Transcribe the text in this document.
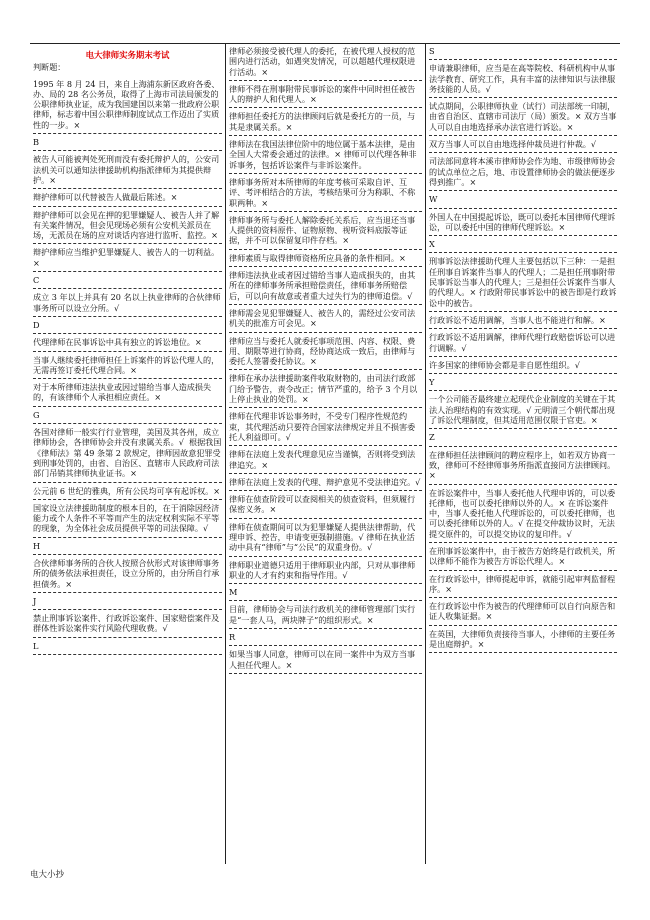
电大律师实务期末考试
判断题：
1995 年 8 月 24 日，来自上海浦东新区政府各委、办、局的 28 名公务员，取得了上海市司法局颁发的公职律师执业证，成为我国建国以来第一批政府公职律师，标志着中国公职律师制度试点工作迈出了实质性的一步。×
B
被告人可能被判处死刑而没有委托辩护人的，公安司法机关可以通知法律援助机构指派律师为其提供辩护。×
辩护律师可以代替被告人做最后陈述。×
辩护律师可以会见在押的犯罪嫌疑人、被告人并了解有关案件情况，但会见现场必须有公安机关派员在场，无派员在场的应对谈话内容进行监听、监控。×
辩护律师应当维护犯罪嫌疑人、被告人的一切利益。×
C
成立 3 年以上并具有 20 名以上执业律师的合伙律师事务所可以设立分所。√
D
代理律师在民事诉讼中具有独立的诉讼地位。×
当事人继续委托律师担任上诉案件的诉讼代理人的，无需再签订委托代理合同。×
对于本所律师违法执业或因过错给当事人造成损失的，有该律师个人承担相应责任。×
G
各国对律师一般实行行业管理，美国及其各州，成立律师协会，各律师协会并没有隶属关系。√  根据我国《律师法》第 49 条第 2 款规定，律师因故意犯罪受到刑事处罚的，由省、自治区、直辖市人民政府司法部门吊销其律师执业证书。×
公元前 6 世纪的雅典，所有公民均可享有起诉权。×
国家设立法律援助制度的根本目的，在于消除因经济能力或个人条件不平等而产生的法定权利实际不平等的现象，为全体社会成员提供平等的司法保障。√
H
合伙律师事务所的合伙人按照合伙形式对该律师事务所的债务依法承担责任，设立分所的，由分所自行承担债务。×
J
禁止刑事诉讼案件、行政诉讼案件、国家赔偿案件及群体性诉讼案件实行风险代理收费。√
L
律师必须接受被代理人的委托，在被代理人授权的范围内进行活动，如遇突发情况，可以超越代理权限进行活动。×
律师不得在刑事附带民事诉讼的案件中同时担任被告人的辩护人和代理人。×
律师担任委托方的法律顾问后就是委托方的一员，与其是隶属关系。×
律师法在我国法律位阶中的地位属于基本法律，是由全国人大常委会通过的法律。× 律师可以代理各种非诉事务，包括诉讼案件与非诉讼案件。
律师事务所对本所律师的年度考核可采取自评、互评、考评相结合的方法，考核结果可分为称职、不称职两种。×
律师事务所与委托人解除委托关系后，应当退还当事人提供的资料原件、证物原物、视听资料底版等证据，并不可以保留复印件存档。×
律师素质与取得律师资格所应具备的条件相同。×
律师违法执业或者因过错给当事人造成损失的，由其所在的律师事务所承担赔偿责任，律师事务所赔偿后，可以向有故意或者重大过失行为的律师追偿。√
律师需会见犯罪嫌疑人、被告人的，需经过公安司法机关的批准方可会见。×
律师应当与委托人就委托事项范围、内容、权限、费用、期限等进行协商，经协商达成一致后，由律师与委托人签署委托协议。×
律师在承办法律援助案件收取财物的，由司法行政部门给予警告，责令改正；情节严重的，给予 3 个月以上停止执业的处罚。×
律师在代理非诉讼事务时，不受专门程序性规范约束，其代理活动只要符合国家法律规定并且不损害委托人利益即可。√
律师在法庭上发表代理意见应当谨慎，否则将受到法律追究。×
律师在法庭上发表的代理、辩护意见不受法律追究。√
律师在侦查阶段可以查阅相关的侦查资料，但须履行保密义务。×
律师在侦查期间可以为犯罪嫌疑人提供法律帮助，代理申诉、控告，申请变更强制措施。√ 律师在执业活动中具有“律师”与“公民”的双重身份。√
律师职业道德只适用于律师职业内部，只对从事律师职业的人才有约束和指导作用。√
M
目前，律师协会与司法行政机关的律师管理部门实行是“一套人马，两块牌子”的组织形式。×
R
如果当事人同意，律师可以在同一案件中为双方当事人担任代理人。×
S
申请兼职律师，应当是在高等院校、科研机构中从事法学教育、研究工作，具有丰富的法律知识与法律服务技能的人员。√
试点期间，公职律师执业（试行）司法部统一印制，由省自治区、直辖市司法厅（局）颁发。× 双方当事人可以自由地选择承办法官进行诉讼。×
双方当事人可以自由地选择仲裁员进行仲裁。√
司法部同意将本溪市律师协会作为地、市级律师协会的试点单位之后，地、市设置律师协会的做法便逐步得到推广。×
W
外国人在中国提起诉讼，既可以委托本国律师代理诉讼，可以委托中国的律师代理诉讼。×
X
刑事诉讼法律援助代理人主要包括以下三种：一是担任刑事自诉案件当事人的代理人；二是担任刑事附带民事诉讼当事人的代理人；三是担任公诉案件当事人的代理人。× 行政附带民事诉讼中的被告即是行政诉讼中的被告。
行政诉讼不适用调解，当事人也不能进行和解。×
行政诉讼不适用调解，律师代理行政赔偿诉讼可以进行调解。√
许多国家的律师协会都是非自愿性组织。√
Y
一个公司能否最终建立起现代企业制度的关键在于其法人治理结构的有效实现。√ 元明清三个朝代都出现了诉讼代理制度，但其适用范围仅限于官吏。×
Z
在律师担任法律顾问的聘应程序上，如若双方协商一致，律师可不经律师事务所指派直接同方法律顾问。×
在诉讼案件中，当事人委托他人代理申诉的，可以委托律师，也可以委托律师以外的人。× 在诉讼案件中，当事人委托他人代理诉讼的，可以委托律师，也可以委托律师以外的人。√ 在提交仲裁协议时，无法提交原件的，可以提交协议的复印件。√
在刑事诉讼案件中，由于被告方始终是行政机关，所以律师不能作为被告方诉讼代理人。×
在行政诉讼中，律师提起申诉，就能引起审判监督程序。×
在行政诉讼中作为被告的代理律师可以自行向原告和证人收集证据。×
在英国，大律师负责接待当事人，小律师的主要任务是出庭辩护。×
电大小抄
